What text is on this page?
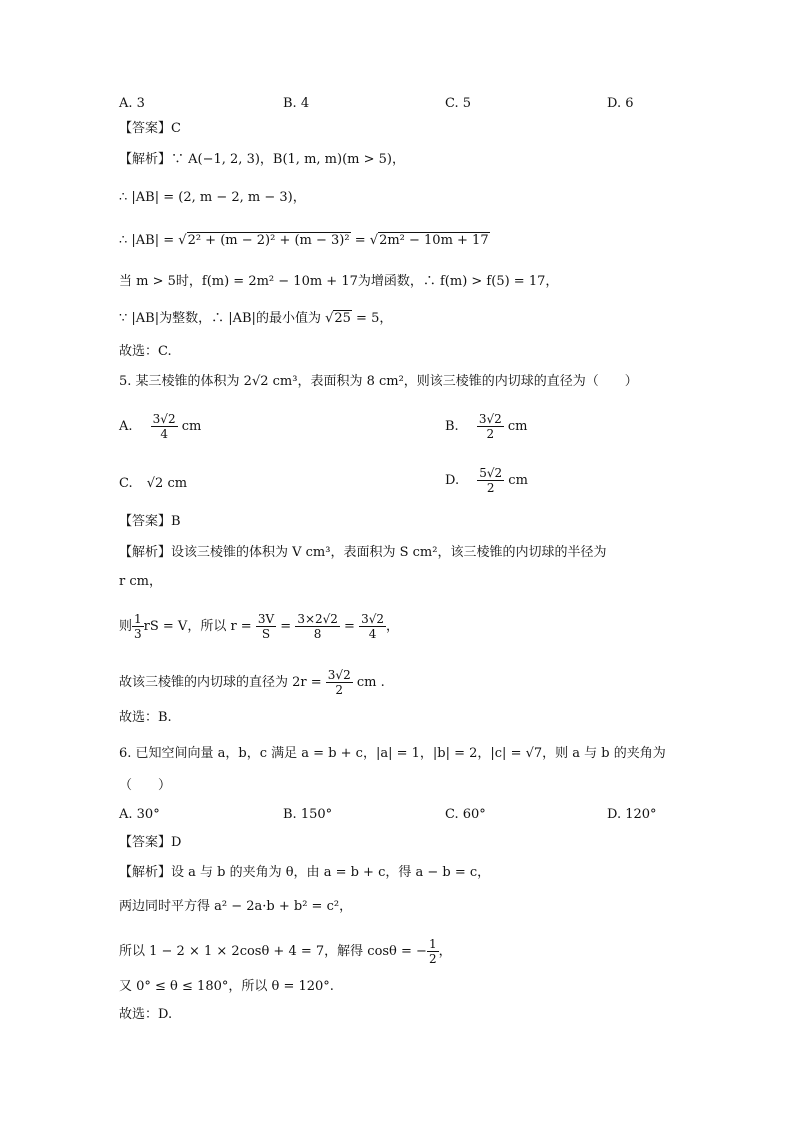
A. 3	B. 4	C. 5	D. 6
【答案】C
【解析】∵ A(−1, 2, 3)，B(1, m, m)(m > 5)，
∴ |AB| = (2, m − 2, m − 3)，
∴ |AB| = √2² + (m − 2)² + (m − 3)² = √2m² − 10m + 17
当 m > 5时，f(m) = 2m² − 10m + 17为增函数，∴ f(m) > f(5) = 17，
∵ |AB|为整数，∴ |AB|的最小值为 √25 = 5，
故选：C.
5. 某三棱锥的体积为 2√2 cm³，表面积为 8 cm²，则该三棱锥的内切球的直径为（　　）
A. $\frac{3√2}{4}$ cm	B. $\frac{3√2}{2}$ cm
C. √2 cm	D. $\frac{5√2}{2}$ cm
【答案】B
【解析】设该三棱锥的体积为 V cm³，表面积为 S cm²，该三棱锥的内切球的半径为
r cm，
则 $\frac{1}{3}$ rS = V，所以 $r = \frac{3V}{S} = \frac{3\times 2√2}{8} = \frac{3√2}{4}$ ，
故该三棱锥的内切球的直径为 $2r = \frac{3√2}{2}$ cm .
故选：B.
6. 已知空间向量 a，b，c 满足 a = b + c，|a| = 1，|b| = 2，|c| = √7，则 a 与 b 的夹角为
（　　）
A. 30°	B. 150°	C. 60°	D. 120°
【答案】D
【解析】设 a 与 b 的夹角为 θ，由 a = b + c，得 a − b = c，
两边同时平方得 a² − 2a·b + b² = c²，
所以 1 − 2 × 1 × 2cosθ + 4 = 7，解得 cosθ = − $\frac{1}{2}$ ，
又 0° ≤ θ ≤ 180°，所以 θ = 120°.
故选：D.
